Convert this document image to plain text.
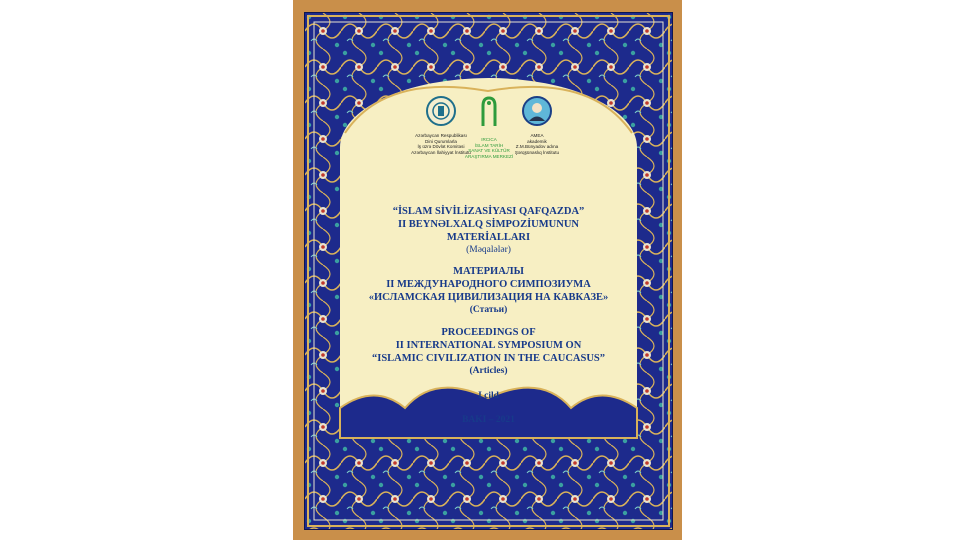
Azərbaycan Respublikası
Dini Qurumlarla
İş üzrə Dövlət Komitəsi
Azərbaycan İlahiyyat İnstitutu
IRCICA
İSLAM TARİH
SANAT VE KÜLTÜR
ARAŞTIRMA MERKEZİ
AMEA
akademik
Z.M.Bünyadov adına
Şərqşünaslıq İnstitutu
“İSLAM SİVİLİZASİYASI QAFQAZDA”
II BEYNƏLXALQ SİMPOZİUMUNUN
MATERİALLARI
(Məqalələr)
МАТЕРИАЛЫ
II МЕЖДУНАРОДНОГО СИМПОЗИУМА
«ИСЛАМСКАЯ ЦИВИЛИЗАЦИЯ НА КАВКАЗЕ»
(Статьи)
PROCEEDINGS OF
II INTERNATIONAL SYMPOSIUM ON
“ISLAMIC CIVILIZATION IN THE CAUCASUS”
(Articles)
I cild
BAKI – 2021
